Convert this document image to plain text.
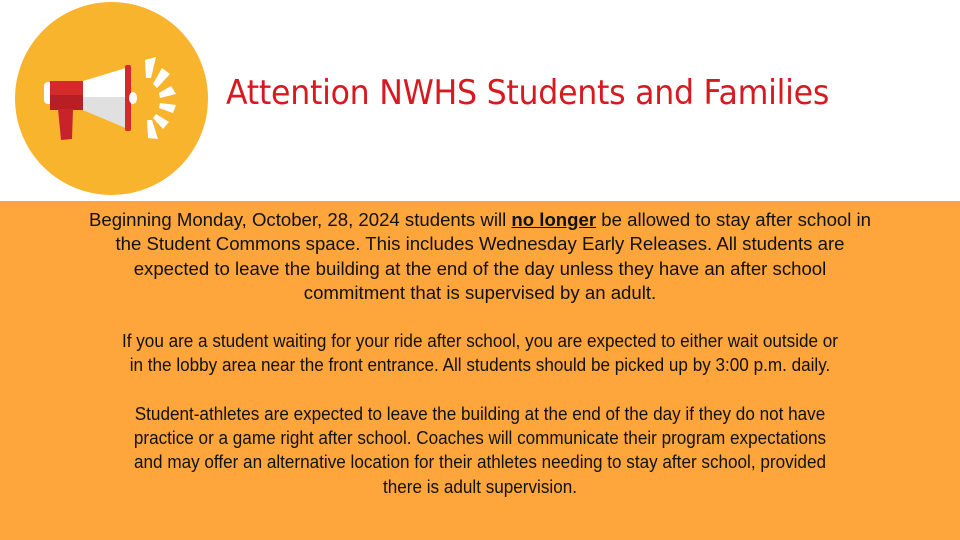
Attention NWHS Students and Families

Beginning Monday, October, 28, 2024 students will no longer be allowed to stay after school in

the Student Commons space. This includes Wednesday Early Releases. All students are

expected to leave the building at the end of the day unless they have an after school

commitment that is supervised by an adult.

If you are a student waiting for your ride after school, you are expected to either wait outside or

in the lobby area near the front entrance. All students should be picked up by 3:00 p.m. daily.

Student-athletes are expected to leave the building at the end of the day if they do not have

practice or a game right after school. Coaches will communicate their program expectations

and may offer an alternative location for their athletes needing to stay after school, provided

there is adult supervision.
